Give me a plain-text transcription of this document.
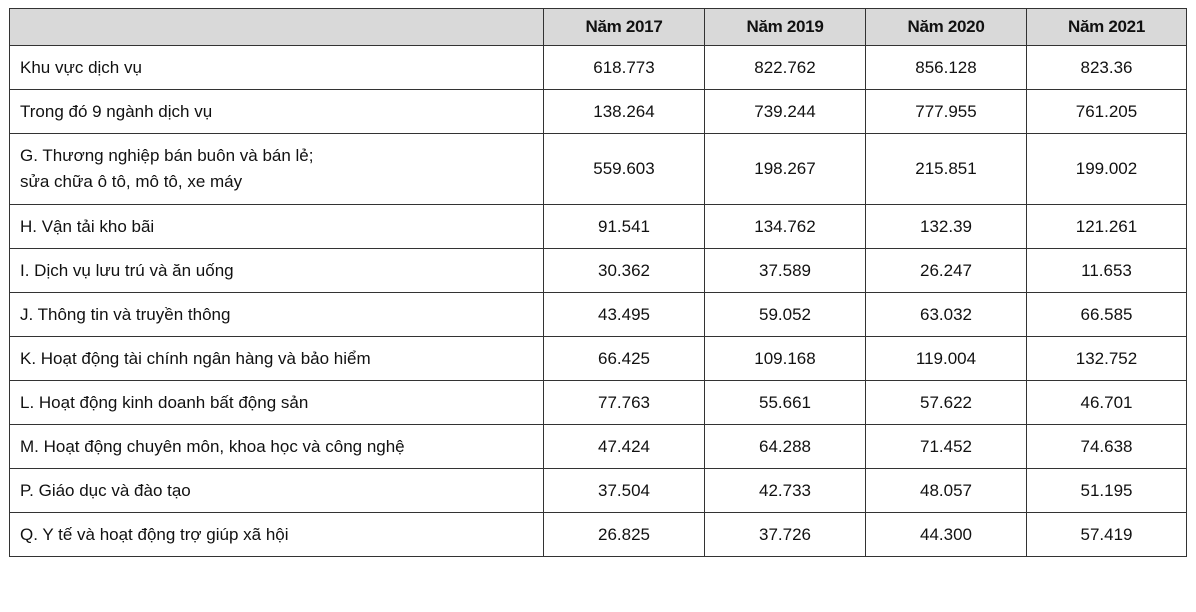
	Năm 2017	Năm 2019	Năm 2020	Năm 2021
Khu vực dịch vụ	618.773	822.762	856.128	823.36
Trong đó 9 ngành dịch vụ	138.264	739.244	777.955	761.205
G. Thương nghiệp bán buôn và bán lẻ;
sửa chữa ô tô, mô tô, xe máy	559.603	198.267	215.851	199.002
H. Vận tải kho bãi	91.541	134.762	132.39	121.261
I. Dịch vụ lưu trú và ăn uống	30.362	37.589	26.247	11.653
J. Thông tin và truyền thông	43.495	59.052	63.032	66.585
K. Hoạt động tài chính ngân hàng và bảo hiểm	66.425	109.168	119.004	132.752
L. Hoạt động kinh doanh bất động sản	77.763	55.661	57.622	46.701
M. Hoạt động chuyên môn, khoa học và công nghệ	47.424	64.288	71.452	74.638
P. Giáo dục và đào tạo	37.504	42.733	48.057	51.195
Q. Y tế và hoạt động trợ giúp xã hội	26.825	37.726	44.300	57.419
